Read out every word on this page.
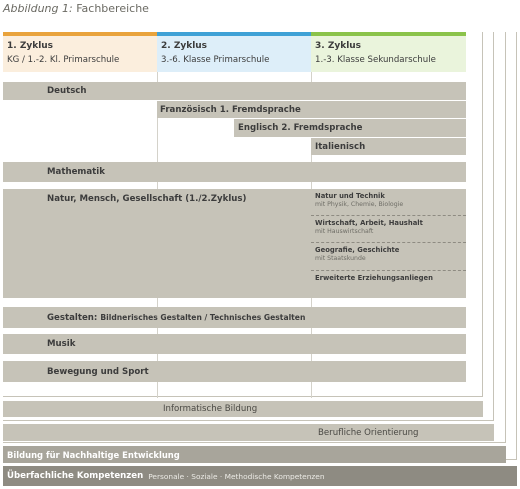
Abbildung 1: Fachbereiche
1. Zyklus
KG / 1.-2. Kl. Primarschule
2. Zyklus
3.-6. Klasse Primarschule
3. Zyklus
1.-3. Klasse Sekundarschule
Deutsch
Französisch 1. Fremdsprache
Englisch 2. Fremdsprache
Italienisch
Mathematik
Natur, Mensch, Gesellschaft (1./2.Zyklus)	Natur und Technik
mit Physik, Chemie, Biologie
Wirtschaft, Arbeit, Haushalt
mit Hauswirtschaft
Geografie, Geschichte
mit Staatskunde
Erweiterte Erziehungsanliegen
Gestalten: Bildnerisches Gestalten / Technisches Gestalten
Musik
Bewegung und Sport
Informatische Bildung
Berufliche Orientierung
Bildung für Nachhaltige Entwicklung
Überfachliche Kompetenzen Personale · Soziale · Methodische Kompetenzen
